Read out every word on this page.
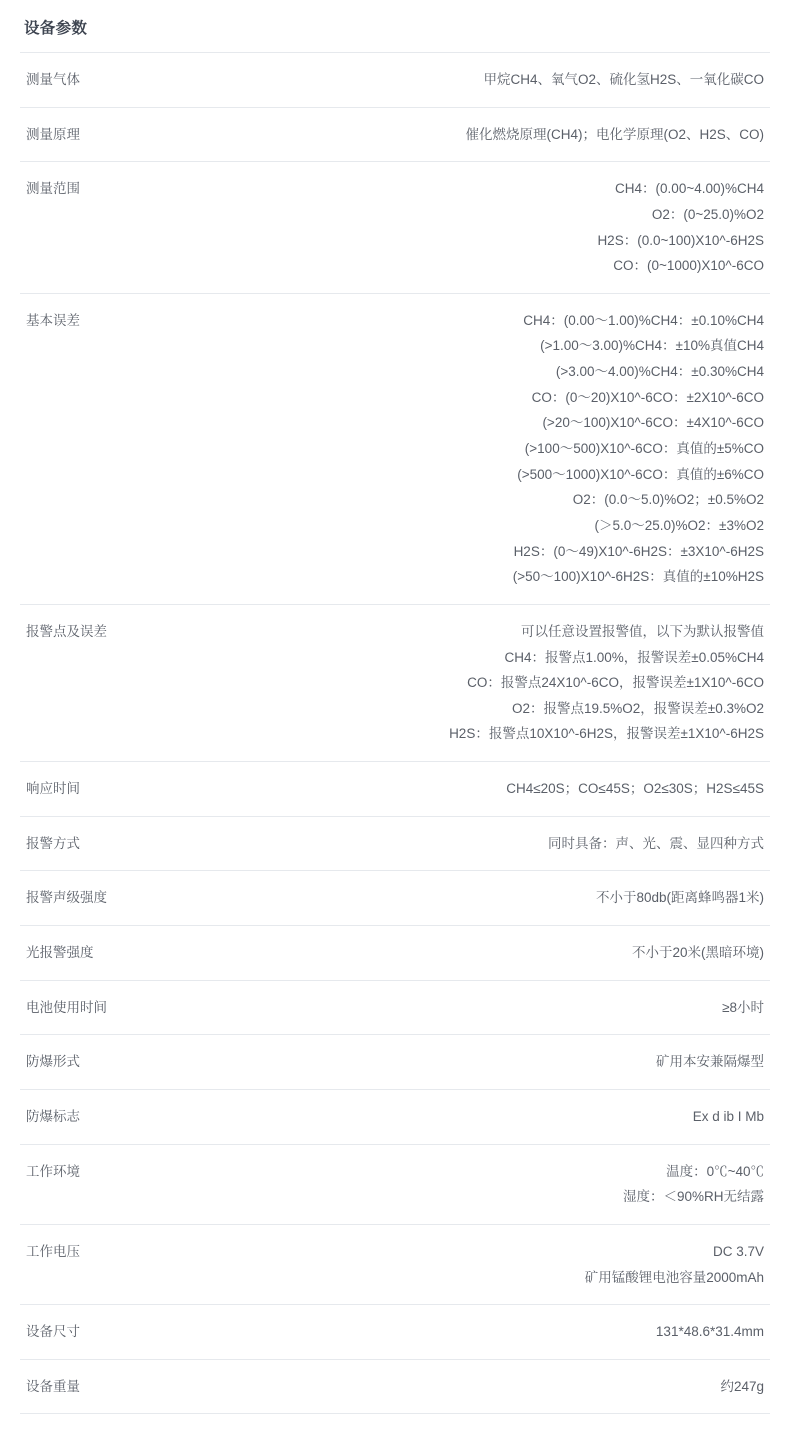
设备参数
测量气体	甲烷CH4、氧气O2、硫化氢H2S、一氧化碳CO

测量原理	催化燃烧原理(CH4)；电化学原理(O2、H2S、CO)

测量范围	CH4：(0.00~4.00)%CH4
O2：(0~25.0)%O2
H2S：(0.0~100)X10^-6H2S
CO：(0~1000)X10^-6CO

基本误差	CH4：(0.00～1.00)%CH4：±0.10%CH4
(>1.00～3.00)%CH4：±10%真值CH4
(>3.00～4.00)%CH4：±0.30%CH4
CO：(0～20)X10^-6CO：±2X10^-6CO
(>20～100)X10^-6CO：±4X10^-6CO
(>100～500)X10^-6CO：真值的±5%CO
(>500～1000)X10^-6CO：真值的±6%CO
O2：(0.0～5.0)%O2；±0.5%O2
(＞5.0～25.0)%O2：±3%O2
H2S：(0～49)X10^-6H2S：±3X10^-6H2S
(>50～100)X10^-6H2S：真值的±10%H2S

报警点及误差	可以任意设置报警值，以下为默认报警值
CH4：报警点1.00%，报警误差±0.05%CH4
CO：报警点24X10^-6CO，报警误差±1X10^-6CO
O2：报警点19.5%O2，报警误差±0.3%O2
H2S：报警点10X10^-6H2S，报警误差±1X10^-6H2S

响应时间	CH4≤20S；CO≤45S；O2≤30S；H2S≤45S

报警方式	同时具备：声、光、震、显四种方式

报警声级强度	不小于80db(距离蜂鸣器1米)

光报警强度	不小于20米(黑暗环境)

电池使用时间	≥8小时

防爆形式	矿用本安兼隔爆型

防爆标志	Ex d ib I Mb

工作环境	温度：0℃~40℃
湿度：＜90%RH无结露

工作电压	DC 3.7V
矿用锰酸锂电池容量2000mAh

设备尺寸	131*48.6*31.4mm

设备重量	约247g
